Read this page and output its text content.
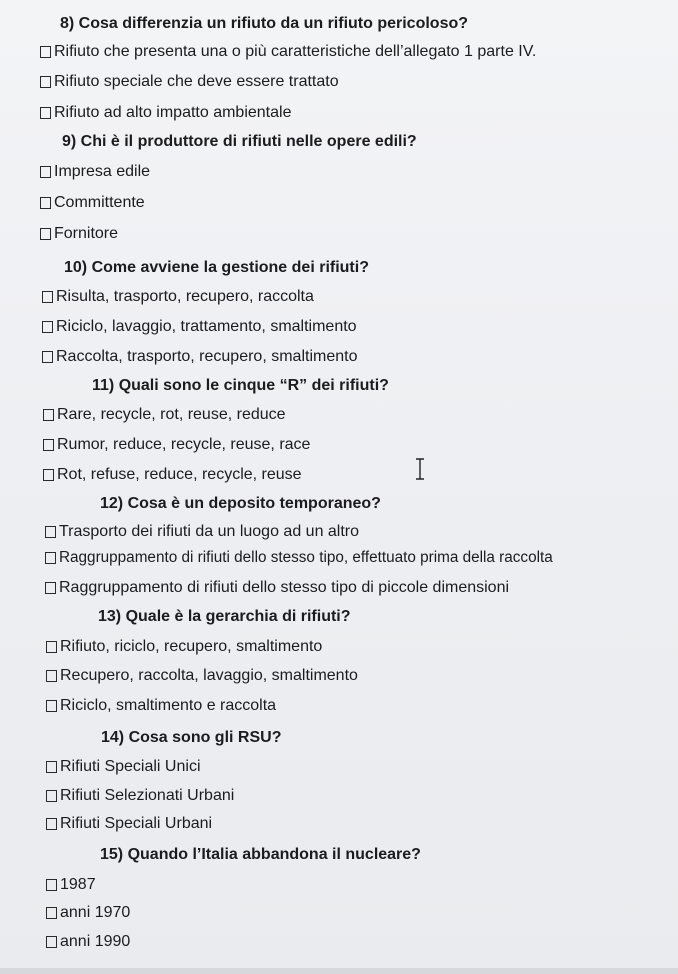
8) Cosa differenzia un rifiuto da un rifiuto pericoloso?
Rifiuto che presenta una o più caratteristiche dell’allegato 1 parte IV.
Rifiuto speciale che deve essere trattato
Rifiuto ad alto impatto ambientale
9) Chi è il produttore di rifiuti nelle opere edili?
Impresa edile
Committente
Fornitore
10) Come avviene la gestione dei rifiuti?
Risulta, trasporto, recupero, raccolta
Riciclo, lavaggio, trattamento, smaltimento
Raccolta, trasporto, recupero, smaltimento
11) Quali sono le cinque “R” dei rifiuti?
Rare, recycle, rot, reuse, reduce
Rumor, reduce, recycle, reuse, race
Rot, refuse, reduce, recycle, reuse
12) Cosa è un deposito temporaneo?
Trasporto dei rifiuti da un luogo ad un altro
Raggruppamento di rifiuti dello stesso tipo, effettuato prima della raccolta
Raggruppamento di rifiuti dello stesso tipo di piccole dimensioni
13) Quale è la gerarchia di rifiuti?
Rifiuto, riciclo, recupero, smaltimento
Recupero, raccolta, lavaggio, smaltimento
Riciclo, smaltimento e raccolta
14) Cosa sono gli RSU?
Rifiuti Speciali Unici
Rifiuti Selezionati Urbani
Rifiuti Speciali Urbani
15) Quando l’Italia abbandona il nucleare?
1987
anni 1970
anni 1990
